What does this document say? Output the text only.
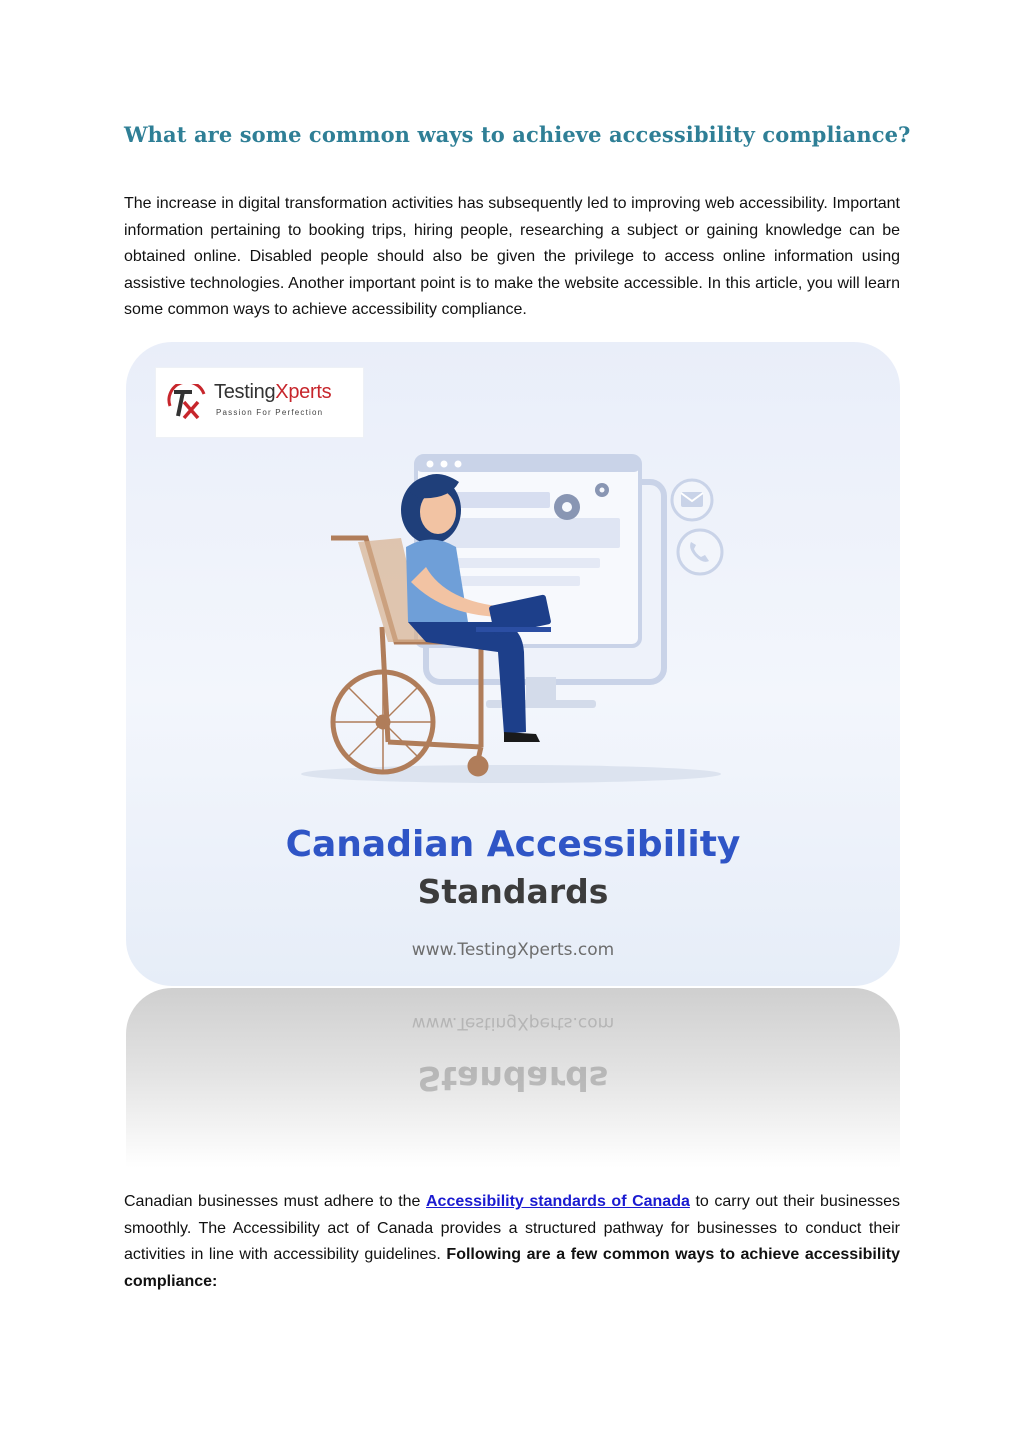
What are some common ways to achieve accessibility compliance?

The increase in digital transformation activities has subsequently led to improving web accessibility. Important information pertaining to booking trips, hiring people, researching a subject or gaining knowledge can be obtained online. Disabled people should also be given the privilege to access online information using assistive technologies. Another important point is to make the website accessible. In this article, you will learn some common ways to achieve accessibility compliance.

TestingXperts
Passion For Perfection
Canadian Accessibility
Standards
www.TestingXperts.com
www.TestingXperts.com
Standards

Canadian businesses must adhere to the Accessibility standards of Canada to carry out their businesses smoothly. The Accessibility act of Canada provides a structured pathway for businesses to conduct their activities in line with accessibility guidelines. Following are a few common ways to achieve accessibility compliance:
